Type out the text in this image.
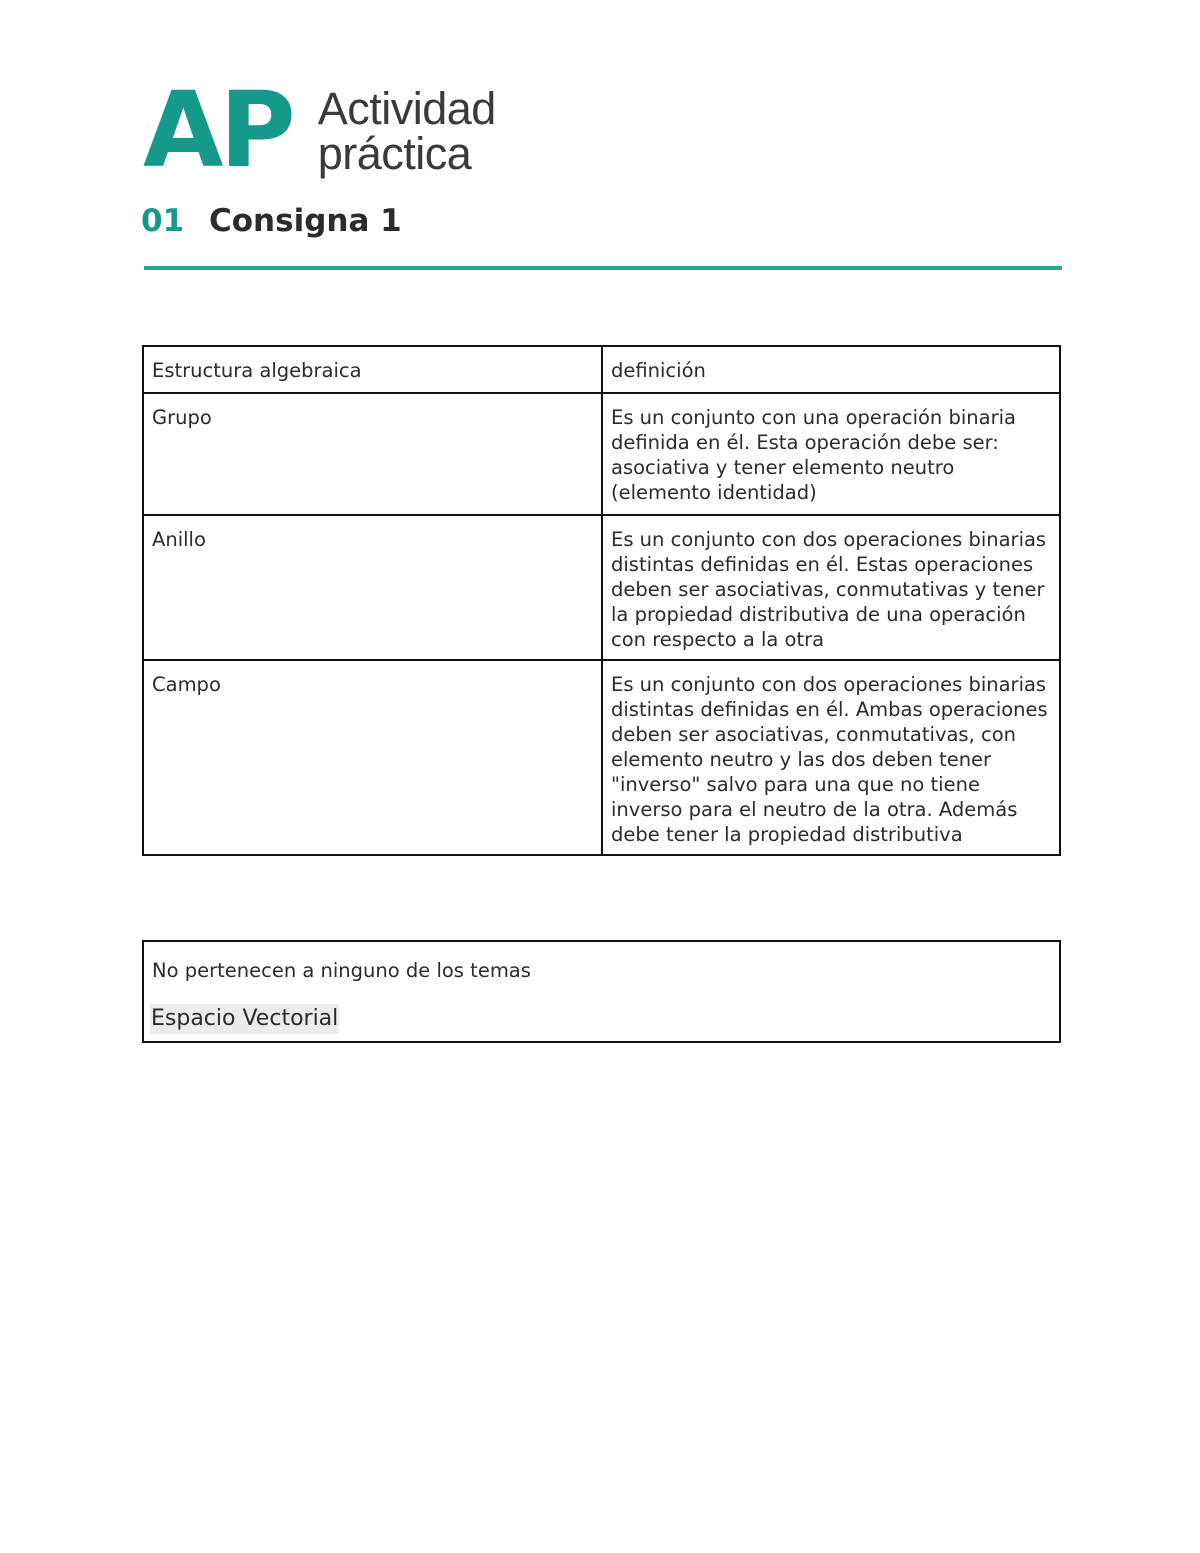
AP Actividad
práctica
01 Consigna 1
Estructura algebraica	definición
Grupo	Es un conjunto con una operación binaria definida en él. Esta operación debe ser: asociativa y tener elemento neutro (elemento identidad)
Anillo	Es un conjunto con dos operaciones binarias distintas definidas en él. Estas operaciones deben ser asociativas, conmutativas y tener la propiedad distributiva de una operación con respecto a la otra
Campo	Es un conjunto con dos operaciones binarias distintas definidas en él. Ambas operaciones deben ser asociativas, conmutativas, con elemento neutro y las dos deben tener "inverso" salvo para una que no tiene inverso para el neutro de la otra. Además debe tener la propiedad distributiva
No pertenecen a ninguno de los temas
Espacio Vectorial
